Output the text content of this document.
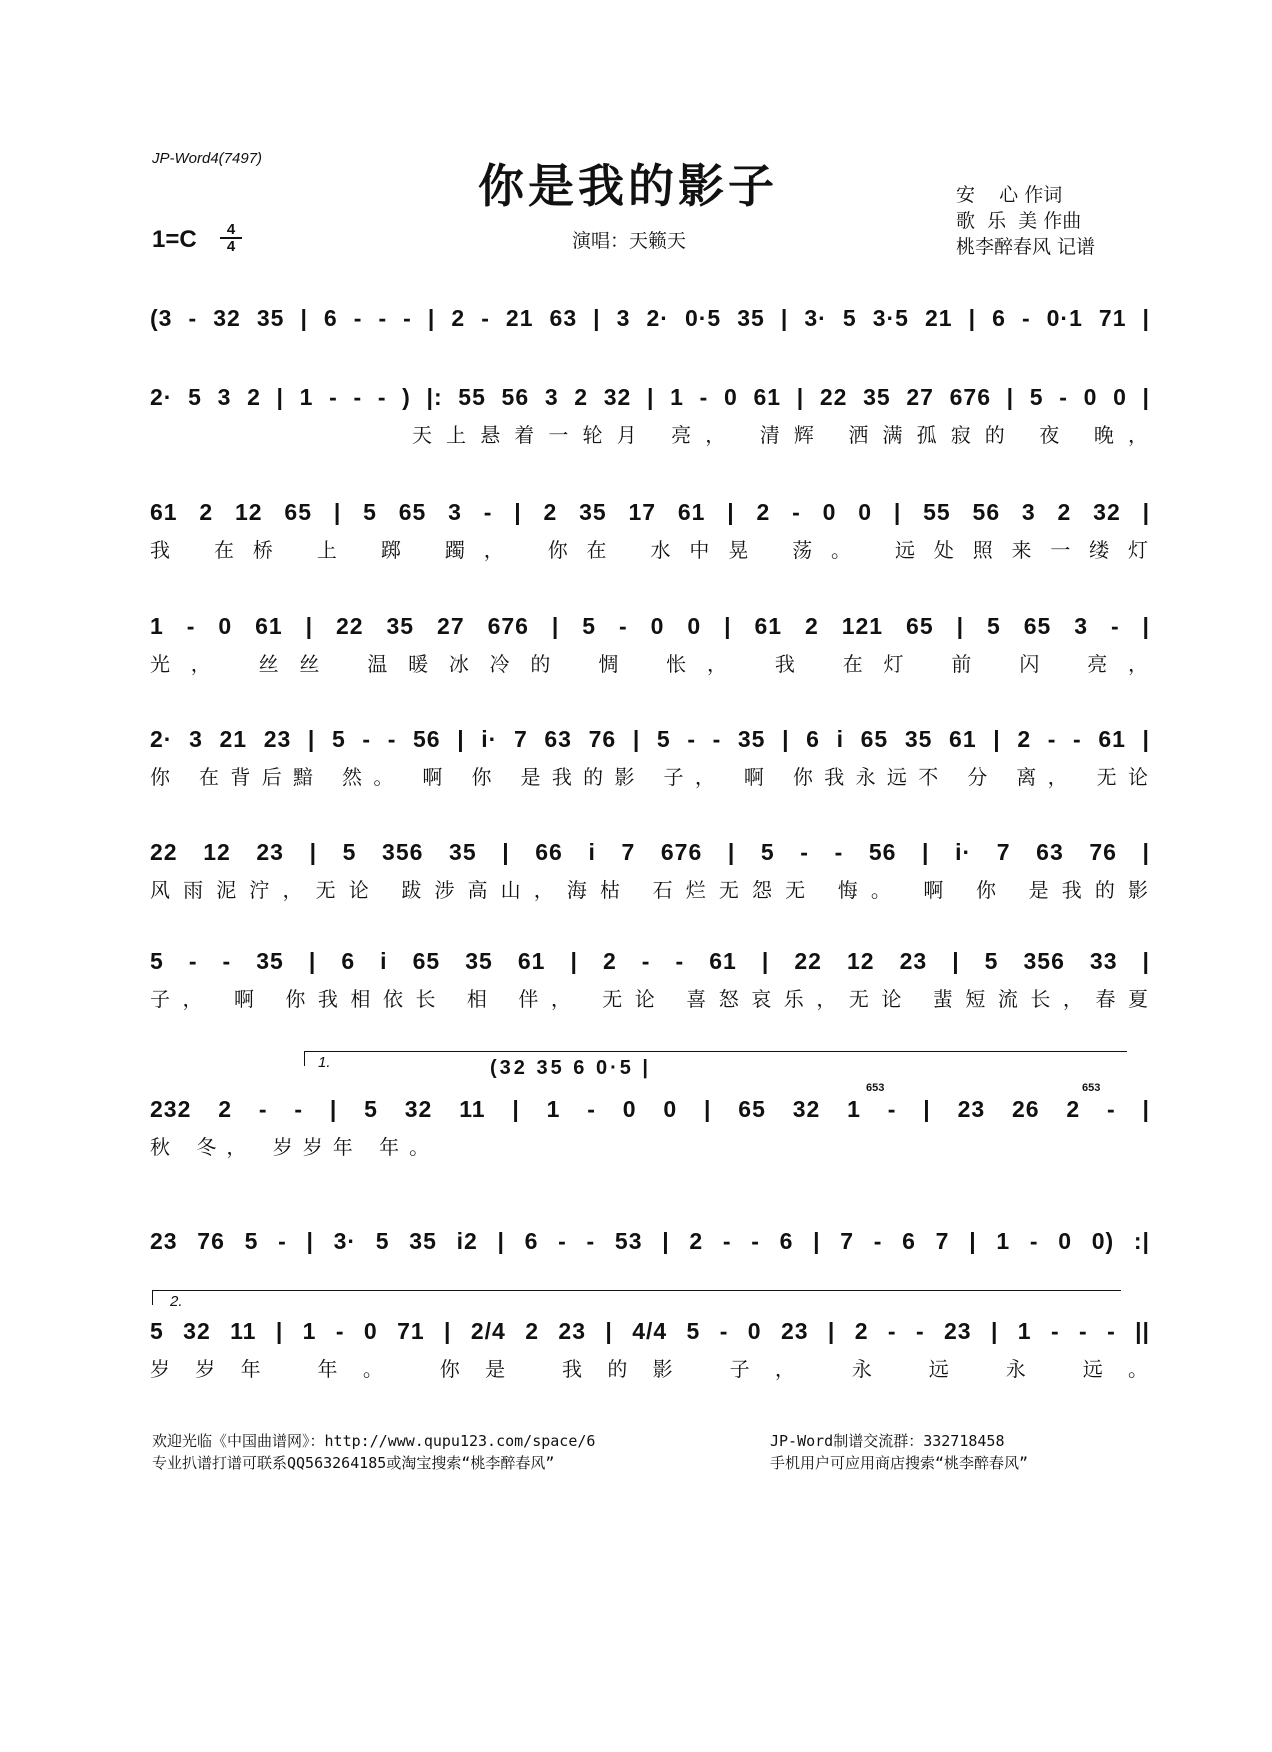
JP-Word4(7497)
你是我的影子
1=C	4
4	演唱：天籁天
安    心 作词
歌  乐  美 作曲
桃李醉春风 记谱
(3 - 32 35 | 6 - - - | 2 - 21 63 | 3 2· 0·5 35 | 3· 5 3·5 21 | 6 - 0·1 71 |
2· 5 3 2 | 1 - - - ) |: 55 56 3 2 32 | 1 - 0 61 | 22 35 27 676 | 5 - 0 0 |
天上悬着一轮月 亮， 清辉 洒满孤寂的 夜 晚，
61 2 12 65 | 5 65 3 - | 2 35 17 61 | 2 - 0 0 | 55 56 3 2 32 |
我 在桥 上 踯 躅， 你在 水中晃 荡。 远处照来一缕灯
1 - 0 61 | 22 35 27 676 | 5 - 0 0 | 61 2 121 65 | 5 65 3 - |
光， 丝丝 温暖冰冷的 惆 怅， 我 在灯 前 闪 亮，
2· 3 21 23 | 5 - - 56 | i· 7 63 76 | 5 - - 35 | 6 i 65 35 61 | 2 - - 61 |
你 在背后黯 然。 啊 你 是我的影 子， 啊 你我永远不 分 离， 无论
22 12 23 | 5 356 35 | 66 i 7 676 | 5 - - 56 | i· 7 63 76 |
风雨泥泞，无论 跋涉高山，海枯 石烂无怨无 悔。 啊 你 是我的影
5 - - 35 | 6 i 65 35 61 | 2 - - 61 | 22 12 23 | 5 356 33 |
子， 啊 你我相依长 相 伴， 无论 喜怒哀乐，无论 蜚短流长，春夏
1.	(32 35 6 0·5 |
653	653
232 2 - - | 5 32 11 | 1 - 0 0 | 65 32 1 - | 23 26 2 - |
秋 冬， 岁岁年 年。
23 76 5 - | 3· 5 35 i2 | 6 - - 53 | 2 - - 6 | 7 - 6 7 | 1 - 0 0) :|
2.
5 32 11 | 1 - 0 71 | 2/4 2 23 | 4/4 5 - 0 23 | 2 - - 23 | 1 - - - ||
岁岁年 年。 你是 我的影 子， 永 远 永 远。
欢迎光临《中国曲谱网》：http://www.qupu123.com/space/6
专业扒谱打谱可联系QQ563264185或淘宝搜索“桃李醉春风”
JP-Word制谱交流群：332718458
手机用户可应用商店搜索“桃李醉春风”
